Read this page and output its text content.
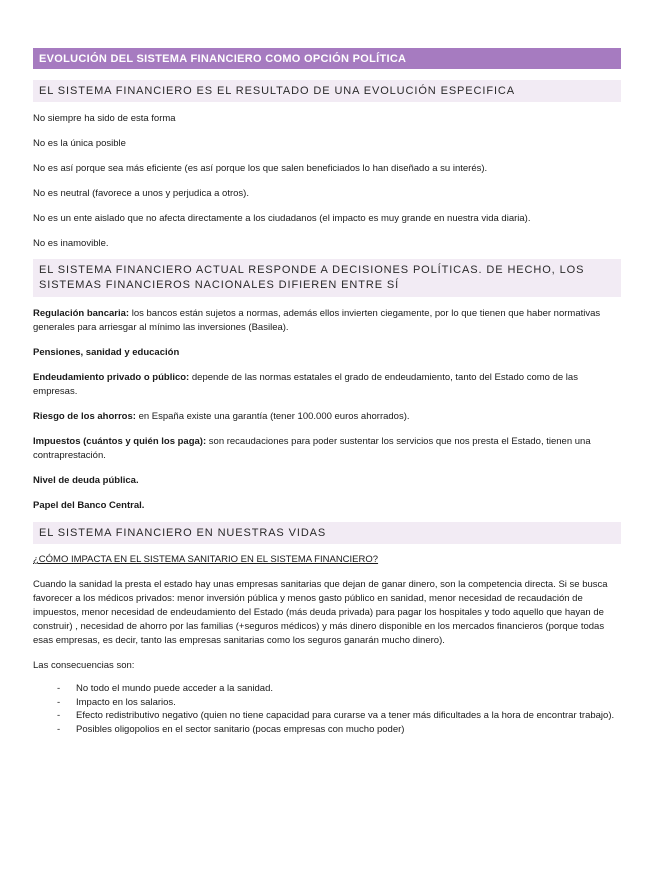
EVOLUCIÓN DEL SISTEMA FINANCIERO COMO OPCIÓN POLÍTICA
EL SISTEMA FINANCIERO ES EL RESULTADO DE UNA EVOLUCIÓN ESPECIFICA

No siempre ha sido de esta forma

No es la única posible

No es así porque sea más eficiente (es así porque los que salen beneficiados lo han diseñado a su interés).

No es neutral (favorece a unos y perjudica a otros).

No es un ente aislado que no afecta directamente a los ciudadanos (el impacto es muy grande en nuestra vida diaria).

No es inamovible.

EL SISTEMA FINANCIERO ACTUAL RESPONDE A DECISIONES POLÍTICAS. DE HECHO, LOS SISTEMAS FINANCIEROS NACIONALES DIFIEREN ENTRE SÍ

Regulación bancaria: los bancos están sujetos a normas, además ellos invierten ciegamente, por lo que tienen que haber normativas generales para arriesgar al mínimo las inversiones (Basilea).

Pensiones, sanidad y educación

Endeudamiento privado o público: depende de las normas estatales el grado de endeudamiento, tanto del Estado como de las empresas.

Riesgo de los ahorros: en España existe una garantía (tener 100.000 euros ahorrados).

Impuestos (cuántos y quién los paga): son recaudaciones para poder sustentar los servicios que nos presta el Estado, tienen una contraprestación.

Nivel de deuda pública.

Papel del Banco Central.

EL SISTEMA FINANCIERO EN NUESTRAS VIDAS

¿CÓMO IMPACTA EN EL SISTEMA SANITARIO EN EL SISTEMA FINANCIERO?

Cuando la sanidad la presta el estado hay unas empresas sanitarias que dejan de ganar dinero, son la competencia directa. Si se busca favorecer a los médicos privados: menor inversión pública y menos gasto público en sanidad, menor necesidad de recaudación de impuestos, menor necesidad de endeudamiento del Estado (más deuda privada) para pagar los hospitales y todo aquello que hayan de construir) , necesidad de ahorro por las familias (+seguros médicos) y más dinero disponible en los mercados financieros (porque todas esas empresas, es decir, tanto las empresas sanitarias como los seguros ganarán mucho dinero).

Las consecuencias son:

- No todo el mundo puede acceder a la sanidad.
- Impacto en los salarios.
- Efecto redistributivo negativo (quien no tiene capacidad para curarse va a tener más dificultades a la hora de encontrar trabajo).
- Posibles oligopolios en el sector sanitario (pocas empresas con mucho poder)
